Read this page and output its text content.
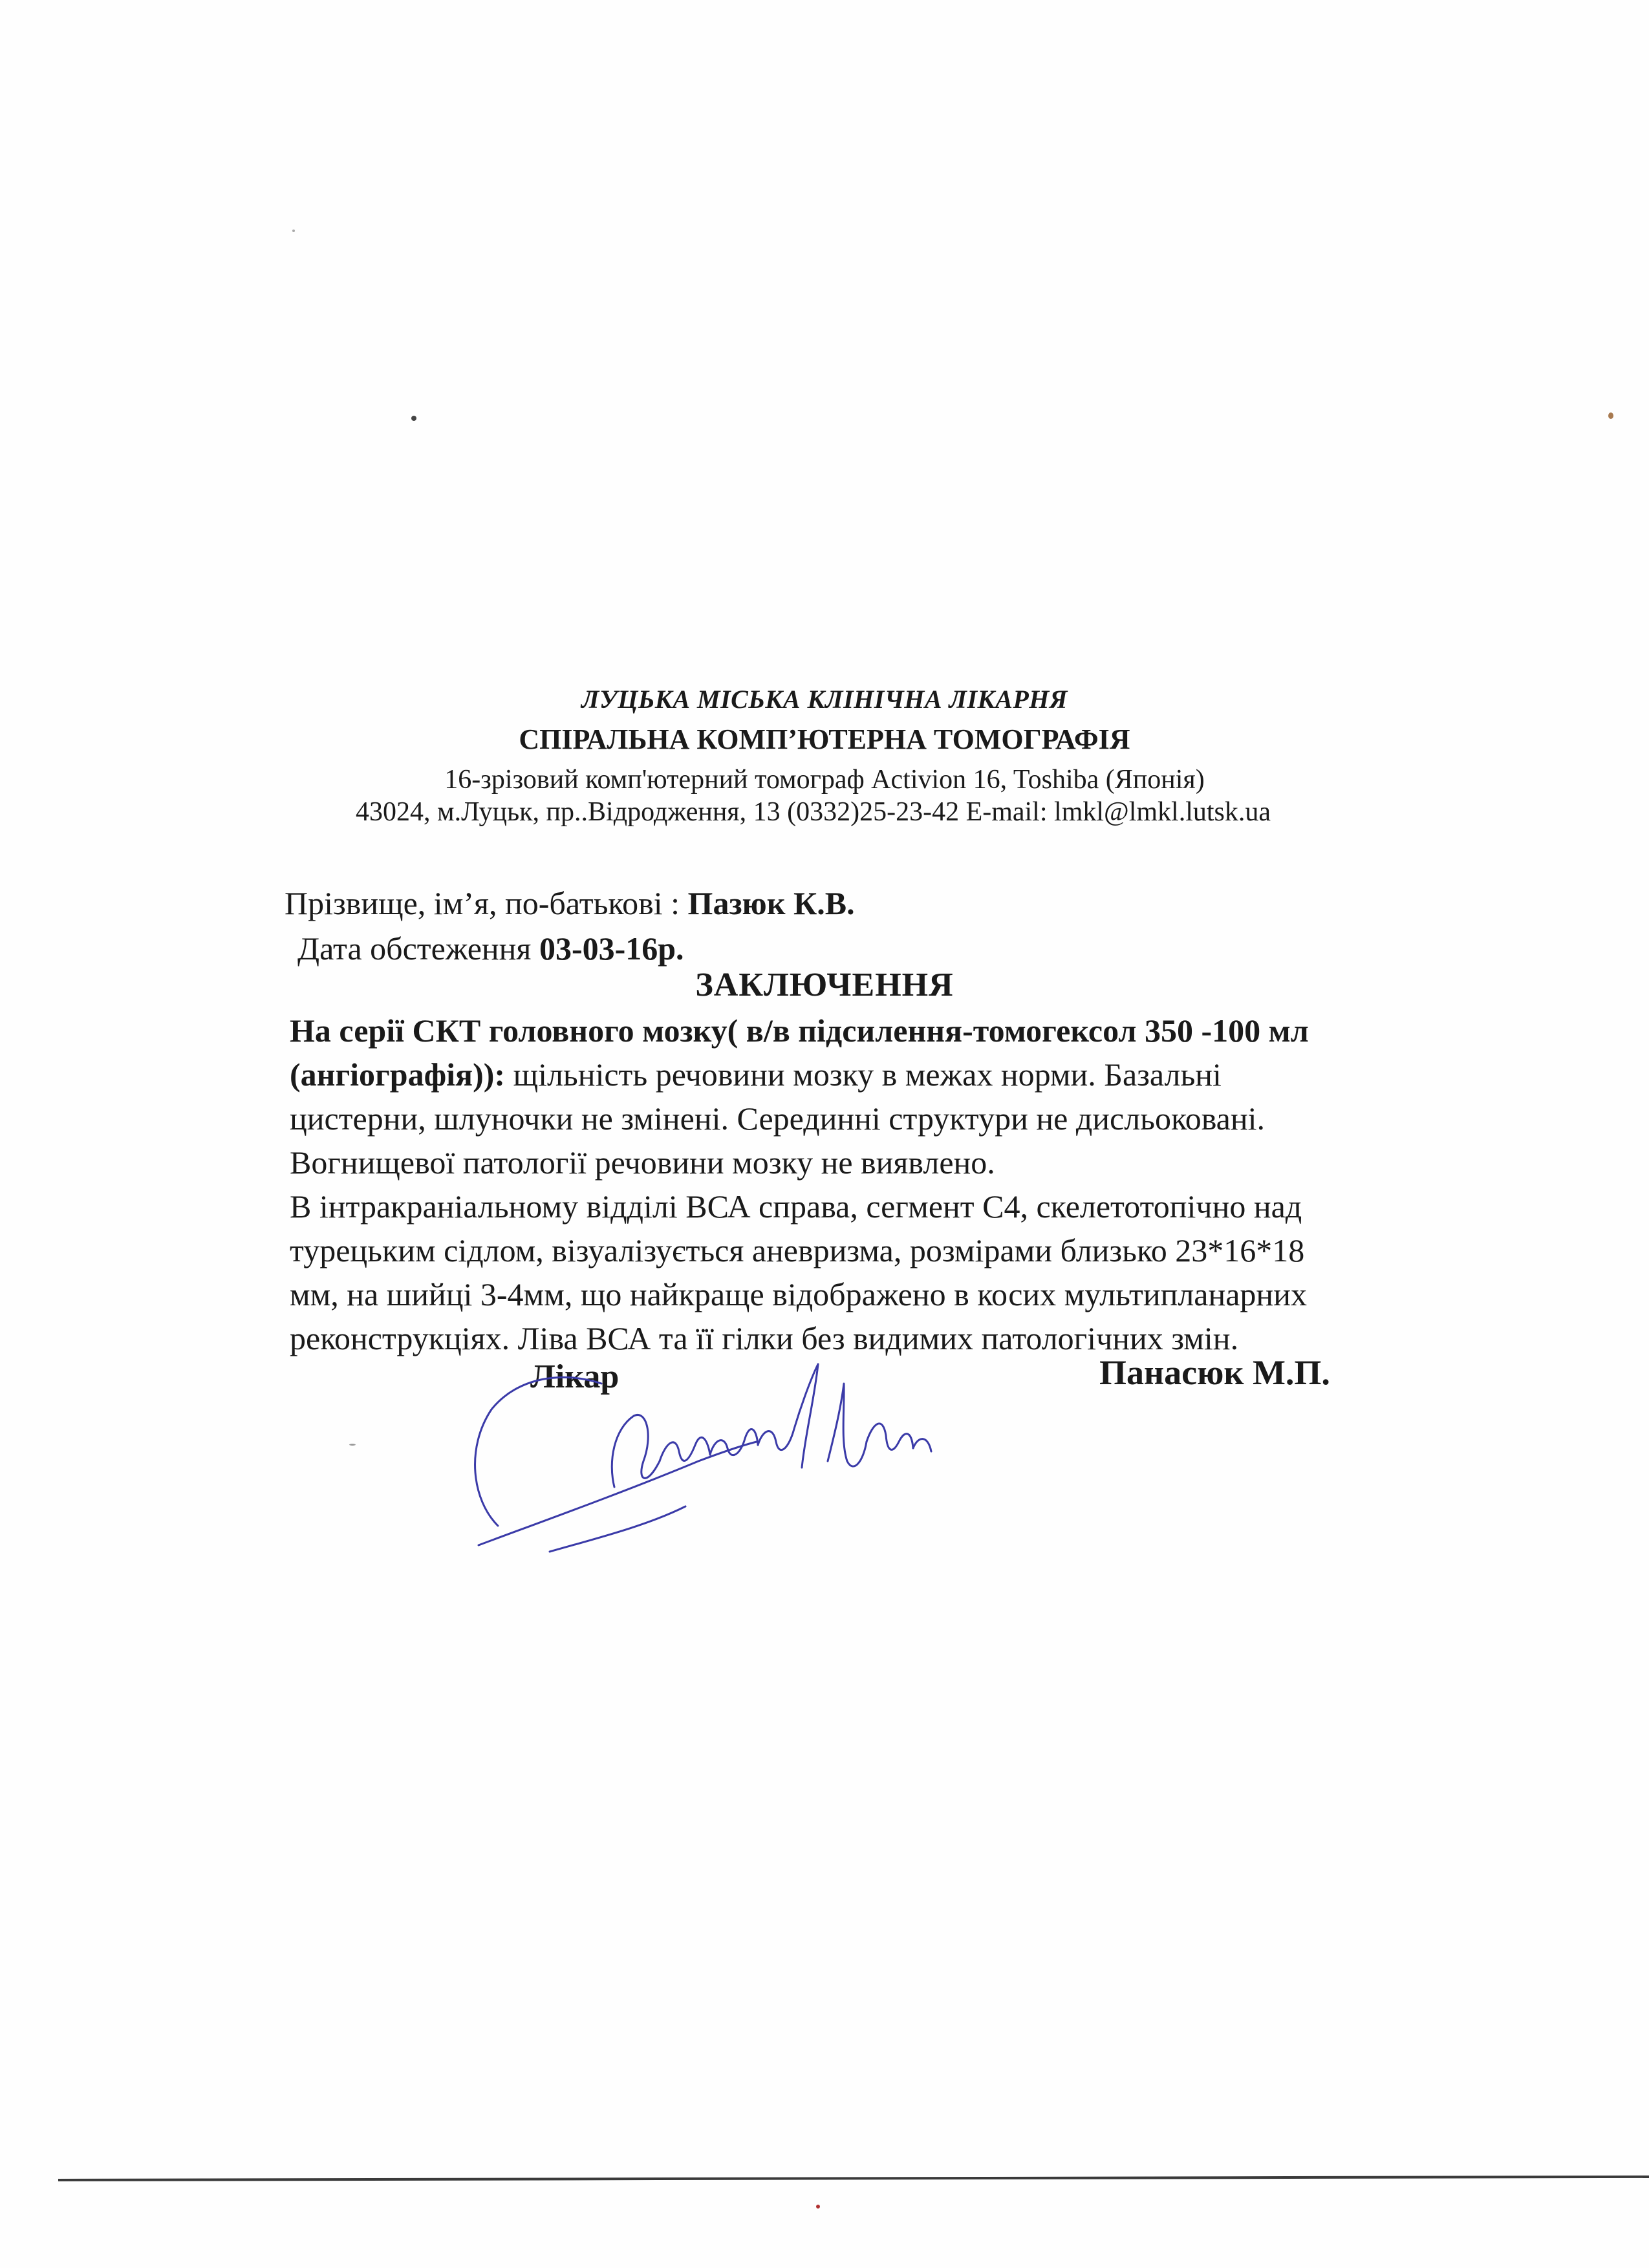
ЛУЦЬКА МІСЬКА КЛІНІЧНА ЛІКАРНЯ
СПІРАЛЬНА КОМП’ЮТЕРНА ТОМОГРАФІЯ
16-зрізовий комп'ютерний томограф Activion 16, Toshiba (Японія)
43024, м.Луцьк, пр..Відродження, 13 (0332)25-23-42 E-mail: lmkl@lmkl.lutsk.ua
Прізвище, ім’я, по-батькові : Пазюк К.В.
Дата обстеження 03-03-16р.
ЗАКЛЮЧЕННЯ
На серії СКТ головного мозку( в/в підсилення-томогексол 350 -100 мл
(ангіографія)): щільність речовини мозку в межах норми. Базальні
цистерни, шлуночки не змінені. Серединні структури не дисльоковані.
Вогнищевої патології речовини мозку не виявлено.
В інтракраніальному відділі ВСА справа, сегмент С4, скелетотопічно над
турецьким сідлом, візуалізується аневризма, розмірами близько 23*16*18
мм, на шийці 3-4мм, що найкраще відображено в косих мультипланарних
реконструкціях. Ліва ВСА та її гілки без видимих патологічних змін.
Лікар	Панасюк М.П.
